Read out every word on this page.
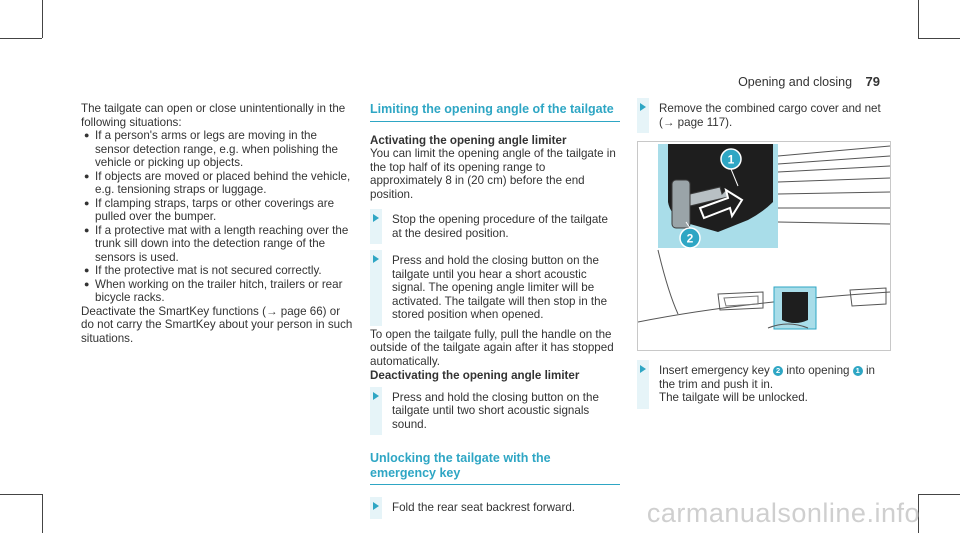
Opening and closing 79

The tailgate can open or close unintentionally in the following situations:

● If a person's arms or legs are moving in the sensor detection range, e.g. when polishing the vehicle or picking up objects.
● If objects are moved or placed behind the vehicle, e.g. tensioning straps or luggage.
● If clamping straps, tarps or other coverings are pulled over the bumper.
● If a protective mat with a length reaching over the trunk sill down into the detection range of the sensors is used.
● If the protective mat is not secured correctly.
● When working on the trailer hitch, trailers or rear bicycle racks.

Deactivate the SmartKey functions (→ page 66) or do not carry the SmartKey about your person in such situations.

Limiting the opening angle of the tailgate

Activating the opening angle limiter

You can limit the opening angle of the tailgate in the top half of its opening range to approximately 8 in (20 cm) before the end position.

Stop the opening procedure of the tailgate at the desired position.
Press and hold the closing button on the tailgate until you hear a short acoustic signal. The opening angle limiter will be activated. The tailgate will then stop in the stored position when opened.

To open the tailgate fully, pull the handle on the outside of the tailgate again after it has stopped automatically.

Deactivating the opening angle limiter

Press and hold the closing button on the tailgate until two short acoustic signals sound.
Unlocking the tailgate with the emergency key
Fold the rear seat backrest forward.
Remove the combined cargo cover and net (→ page 117).
1
2
Insert emergency key 2 into opening 1 in the trim and push it in.
The tailgate will be unlocked.
carmanualsonline.info
